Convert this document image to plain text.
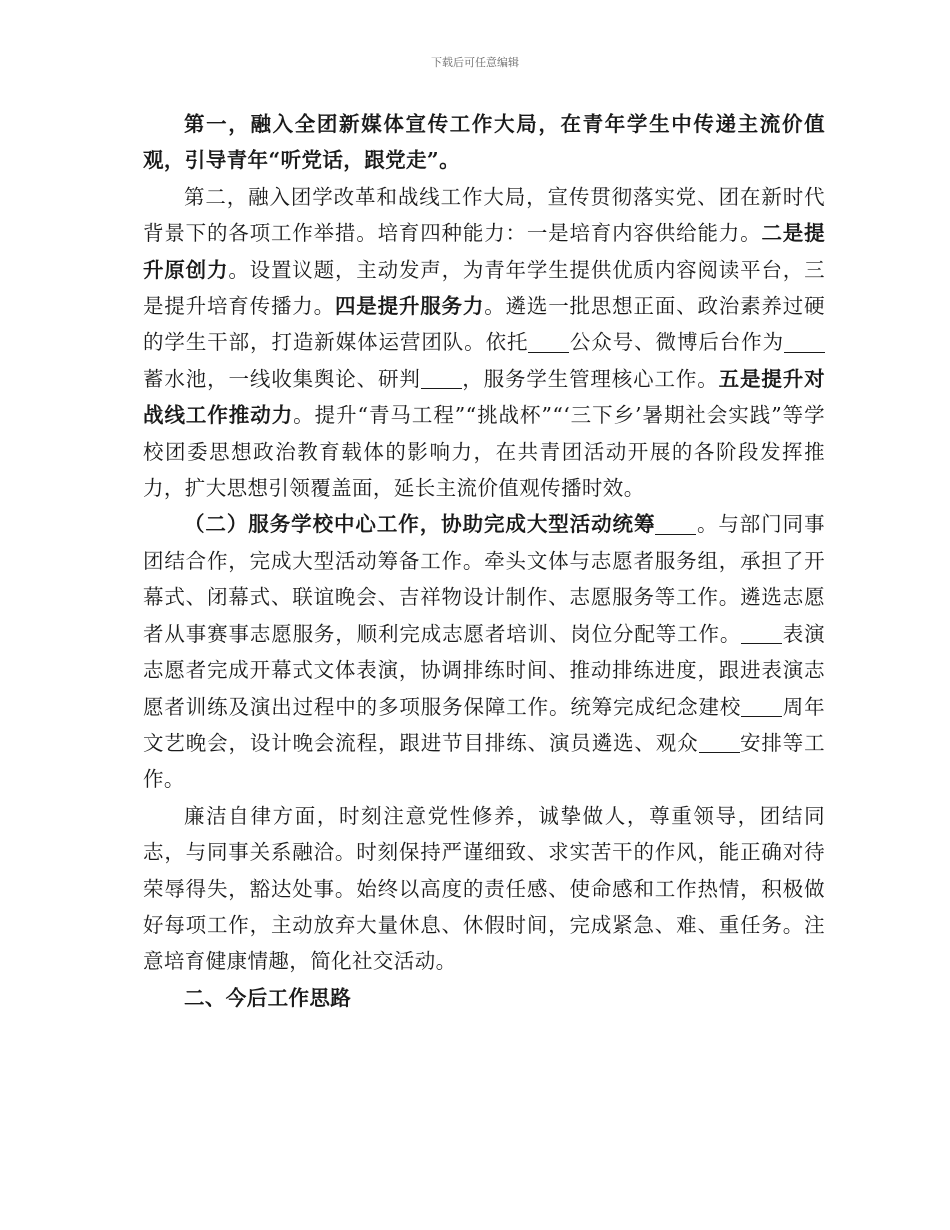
下载后可任意编辑

第一，融入全团新媒体宣传工作大局，在青年学生中传递主流价值观，引导青年“听党话，跟党走”。

第二，融入团学改革和战线工作大局，宣传贯彻落实党、团在新时代背景下的各项工作举措。培育四种能力：一是培育内容供给能力。二是提升原创力。设置议题，主动发声，为青年学生提供优质内容阅读平台，三是提升培育传播力。四是提升服务力。遴选一批思想正面、政治素养过硬的学生干部，打造新媒体运营团队。依托 公众号、微博后台作为蓄水池，一线收集舆论、研判 ，服务学生管理核心工作。五是提升对战线工作推动力。提升“青马工程”“挑战杯”“‘三下乡’暑期社会实践”等学校团委思想政治教育载体的影响力，在共青团活动开展的各阶段发挥推力，扩大思想引领覆盖面，延长主流价值观传播时效。

（二）服务学校中心工作，协助完成大型活动统筹 。与部门同事团结合作，完成大型活动筹备工作。牵头文体与志愿者服务组，承担了开幕式、闭幕式、联谊晚会、吉祥物设计制作、志愿服务等工作。遴选志愿者从事赛事志愿服务，顺利完成志愿者培训、岗位分配等工作。 表演志愿者完成开幕式文体表演，协调排练时间、推动排练进度，跟进表演志愿者训练及演出过程中的多项服务保障工作。统筹完成纪念建校 周年文艺晚会，设计晚会流程，跟进节目排练、演员遴选、观众 安排等工作。

廉洁自律方面，时刻注意党性修养，诚挚做人，尊重领导，团结同志，与同事关系融洽。时刻保持严谨细致、求实苦干的作风，能正确对待荣辱得失，豁达处事。始终以高度的责任感、使命感和工作热情，积极做好每项工作，主动放弃大量休息、休假时间，完成紧急、难、重任务。注意培育健康情趣，简化社交活动。

二、今后工作思路
